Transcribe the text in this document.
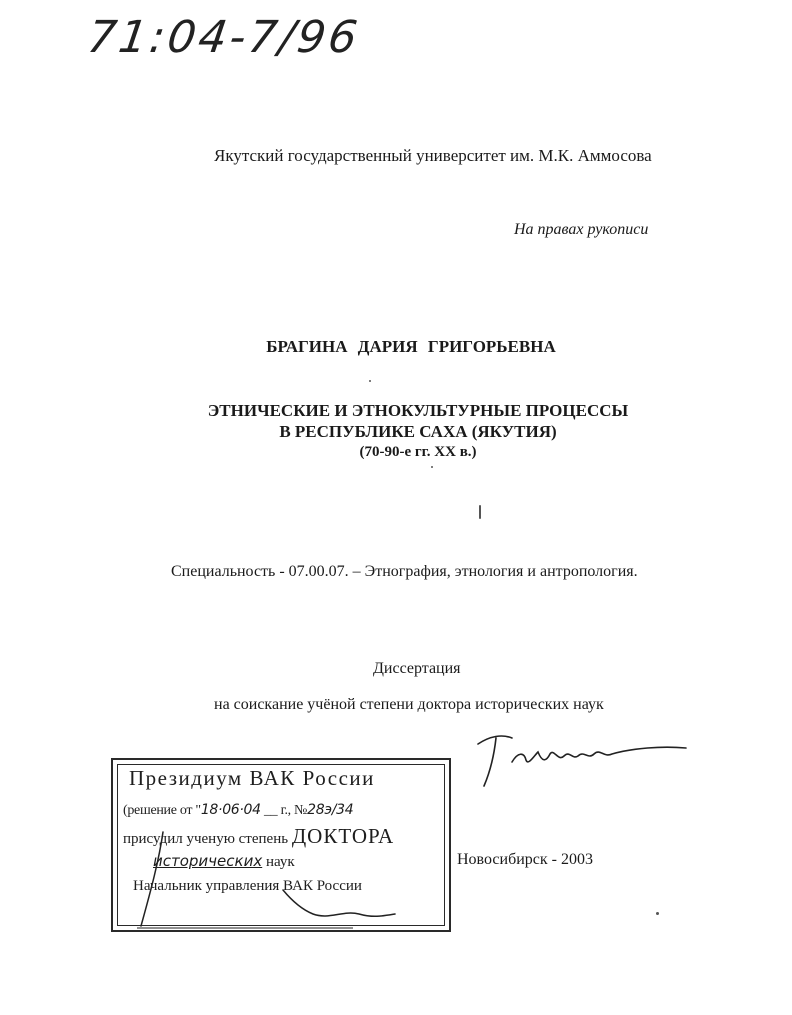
71:04-7/96
Якутский государственный университет им. М.К. Аммосова
На правах рукописи
БРАГИНА ДАРИЯ ГРИГОРЬЕВНА
ЭТНИЧЕСКИЕ И ЭТНОКУЛЬТУРНЫЕ ПРОЦЕССЫ
В РЕСПУБЛИКЕ САХА (ЯКУТИЯ)
(70-90-е гг. ХХ в.)
Специальность - 07.00.07. – Этнография, этнология и антропология.
Диссертация
на соискание учёной степени доктора исторических наук
Новосибирск - 2003
Президиум ВАК России
(решение от "18·06·04 __ г., №28э/34
присудил ученую степень ДОКТОРА
исторических наук
Начальник управления ВАК России
